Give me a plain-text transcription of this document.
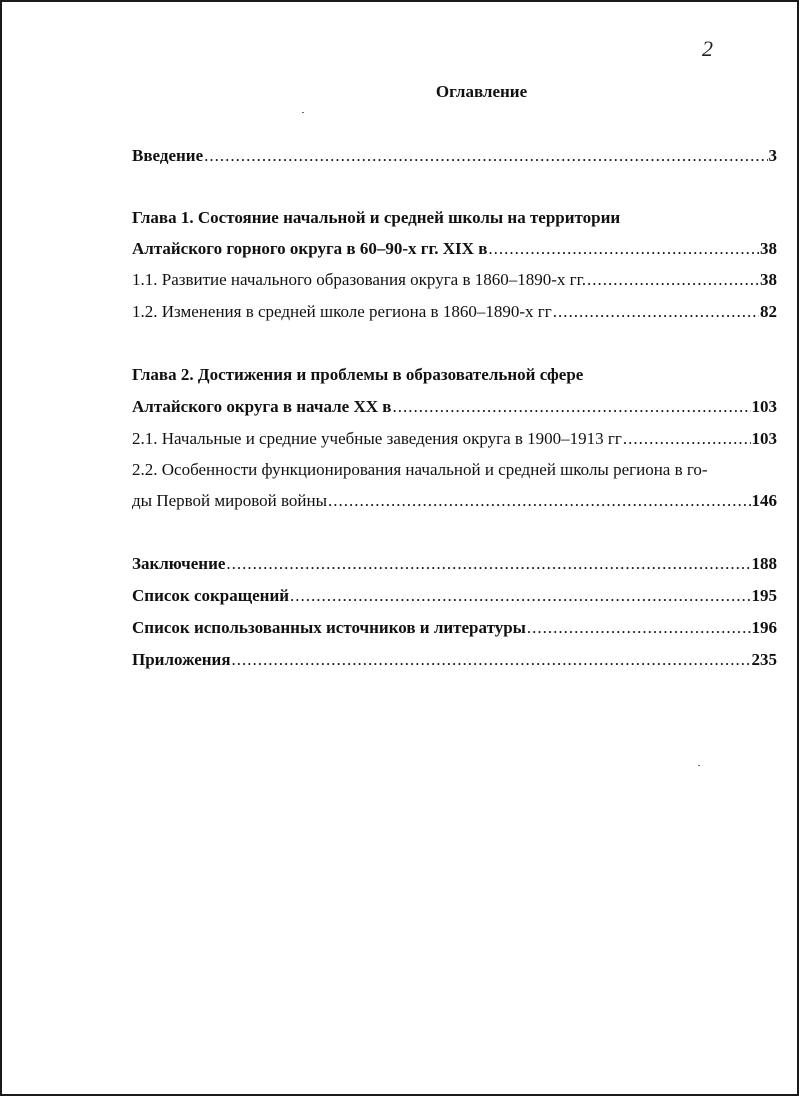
2
Оглавление
Введение .....	3
Глава 1. Состояние начальной и средней школы на территории
Алтайского горного округа в 60–90-х гг. XIX в .....	38
1.1. Развитие начального образования округа в 1860–1890-х гг. .....	38
1.2. Изменения в средней школе региона в 1860–1890-х гг .....	82
Глава 2. Достижения и проблемы в образовательной сфере
Алтайского округа в начале XX в .....	103
2.1. Начальные и средние учебные заведения округа в 1900–1913 гг .....	103
2.2. Особенности функционирования начальной и средней школы региона в го-
ды Первой мировой войны .....	146
Заключение .....	188
Список сокращений .....	195
Список использованных источников и литературы .....	196
Приложения .....	235
